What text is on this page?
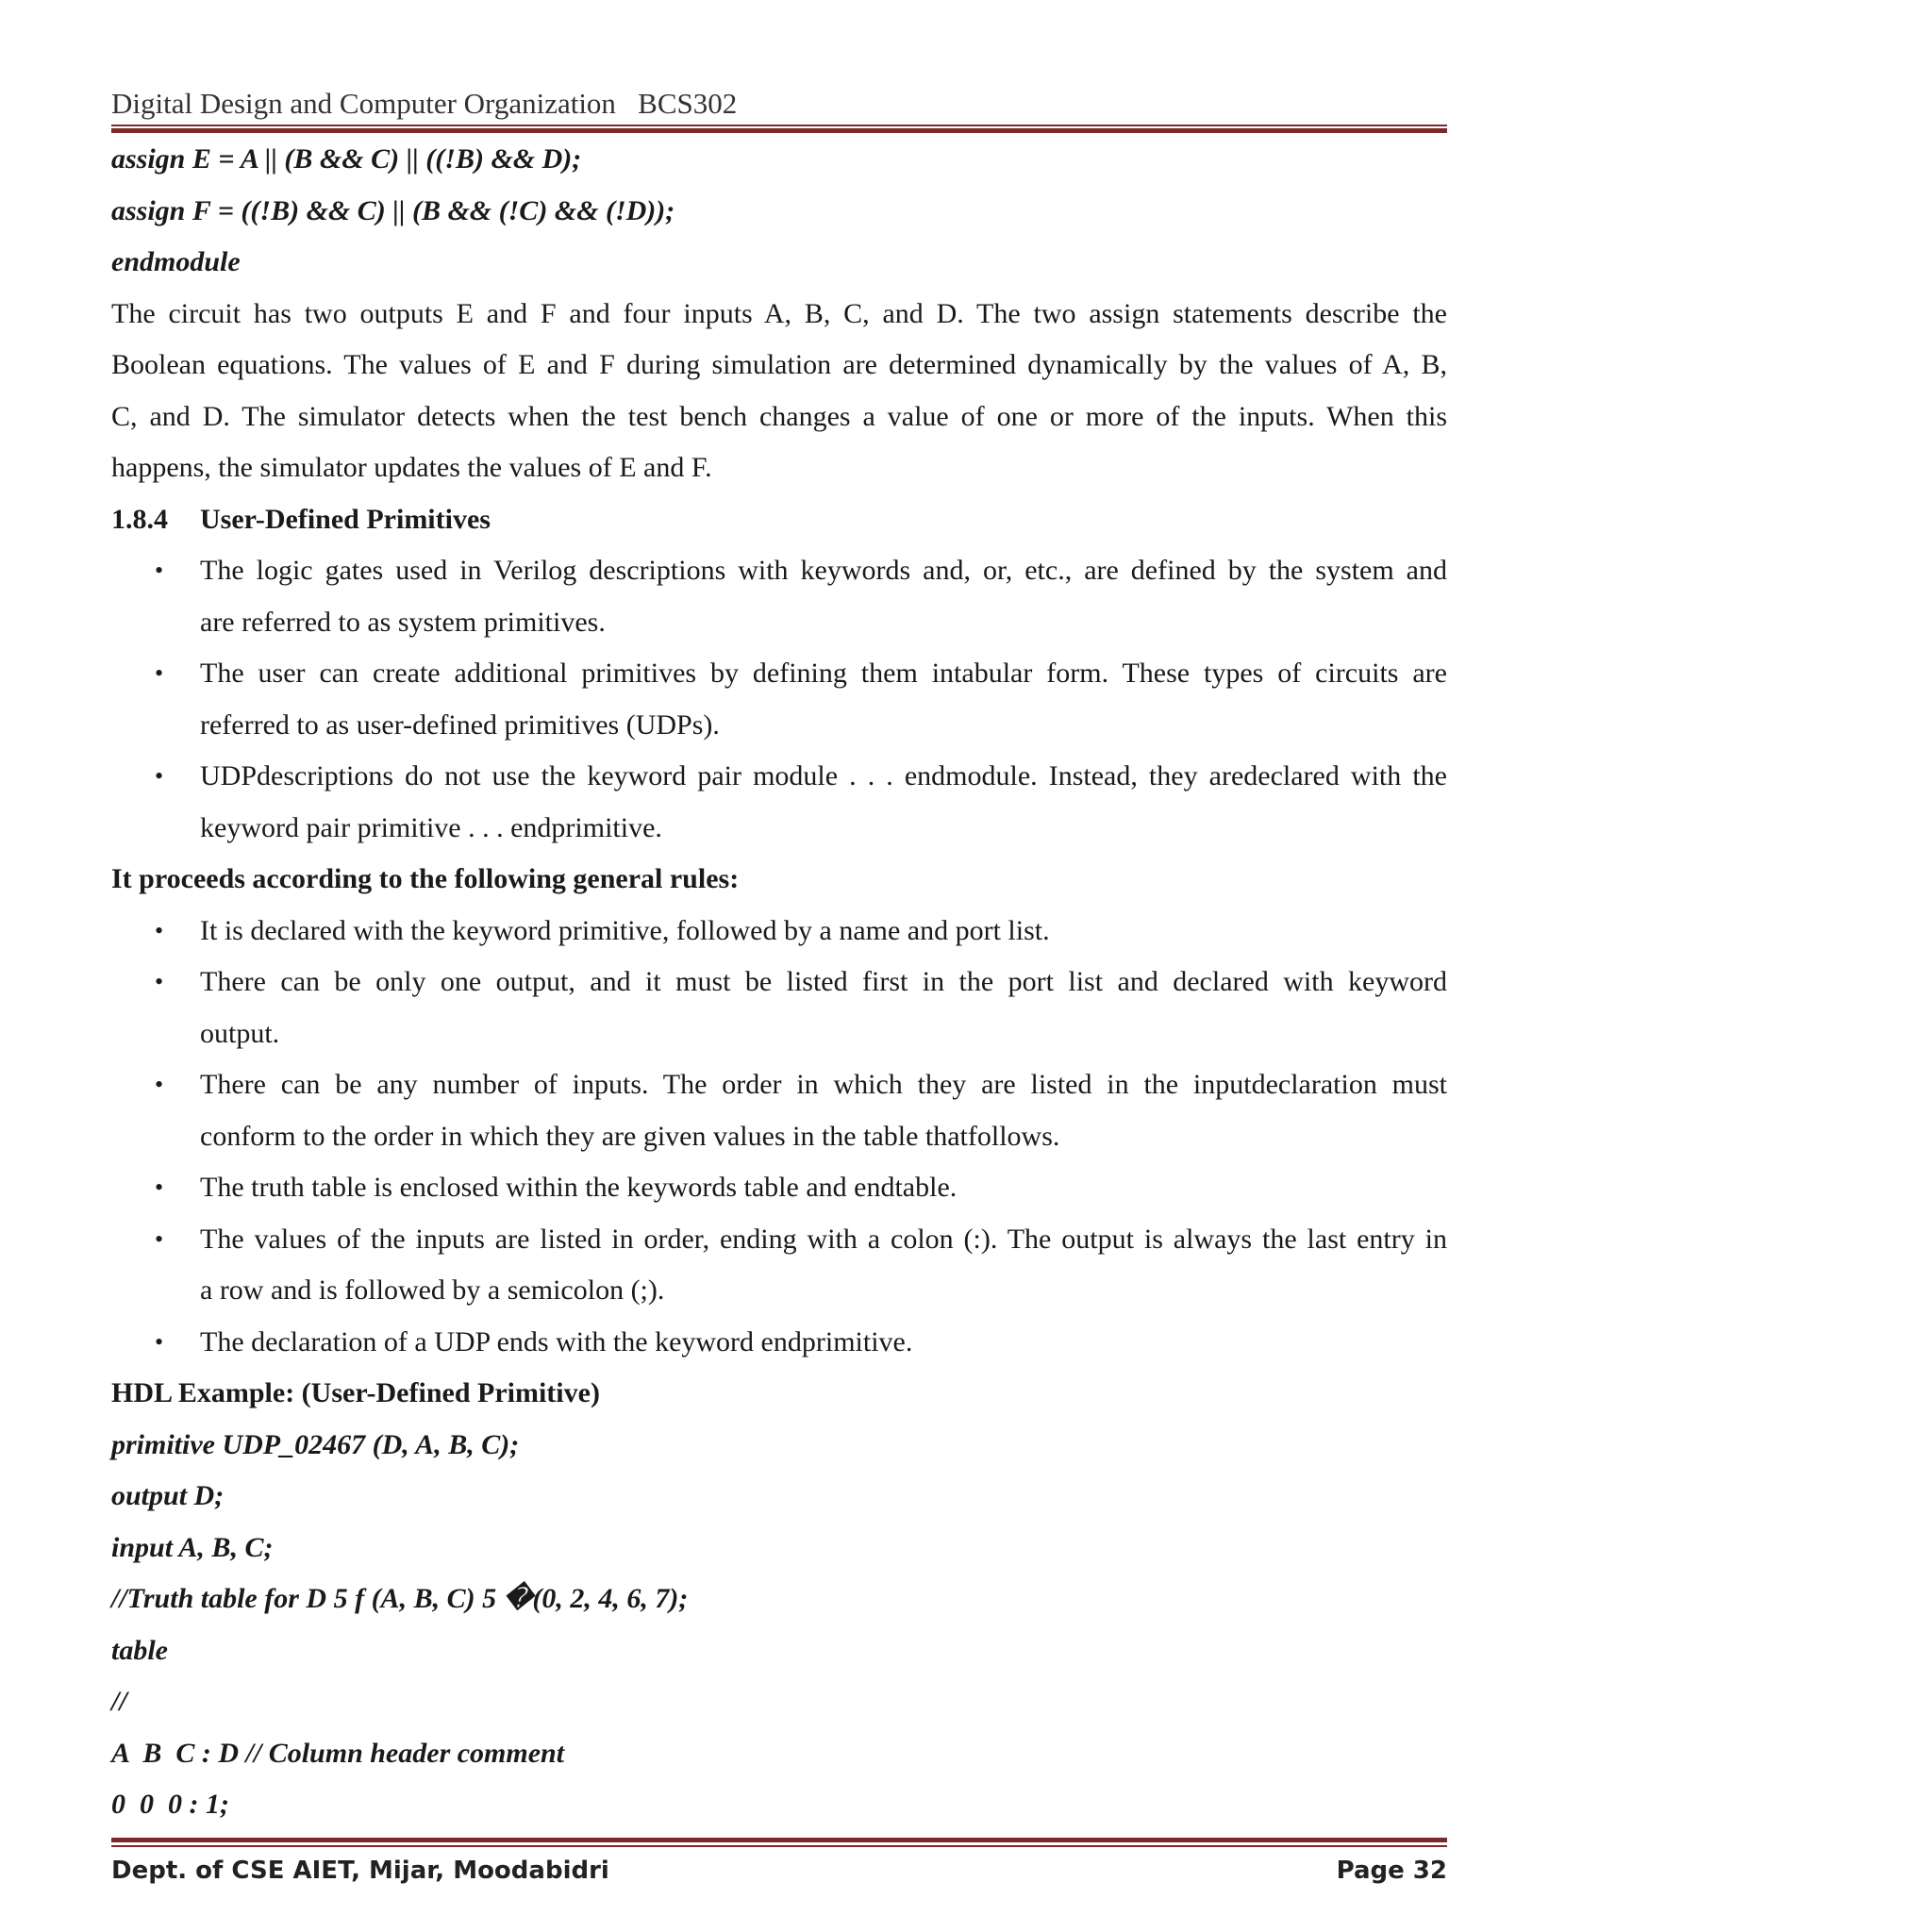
Digital Design and Computer Organization   BCS302
assign E = A || (B && C) || ((!B) && D);
assign F = ((!B) && C) || (B && (!C) && (!D));
endmodule
The circuit has two outputs E and F and four inputs A, B, C, and D. The two assign statements describe the
Boolean equations. The values of E and F during simulation are determined dynamically by the values of A, B,
C, and D. The simulator detects when the test bench changes a value of one or more of the inputs. When this
happens, the simulator updates the values of E and F.
1.8.4 User-Defined Primitives
• The logic gates used in Verilog descriptions with keywords and, or, etc., are defined by the system and
are referred to as system primitives.
• The user can create additional primitives by defining them intabular form. These types of circuits are
referred to as user-defined primitives (UDPs).
• UDPdescriptions do not use the keyword pair module . . . endmodule. Instead, they aredeclared with the
keyword pair primitive . . . endprimitive.
It proceeds according to the following general rules:
• It is declared with the keyword primitive, followed by a name and port list.
• There can be only one output, and it must be listed first in the port list and declared with keyword
output.
• There can be any number of inputs. The order in which they are listed in the inputdeclaration must
conform to the order in which they are given values in the table thatfollows.
• The truth table is enclosed within the keywords table and endtable.
• The values of the inputs are listed in order, ending with a colon (:). The output is always the last entry in
a row and is followed by a semicolon (;).
• The declaration of a UDP ends with the keyword endprimitive.
HDL Example: (User-Defined Primitive)
primitive UDP_02467 (D, A, B, C);
output D;
input A, B, C;
//Truth table for D 5 f (A, B, C) 5 �(0, 2, 4, 6, 7);
table
//
A  B  C : D // Column header comment
0  0  0 : 1;
Dept. of CSE AIET, Mijar, Moodabidri	Page 32
